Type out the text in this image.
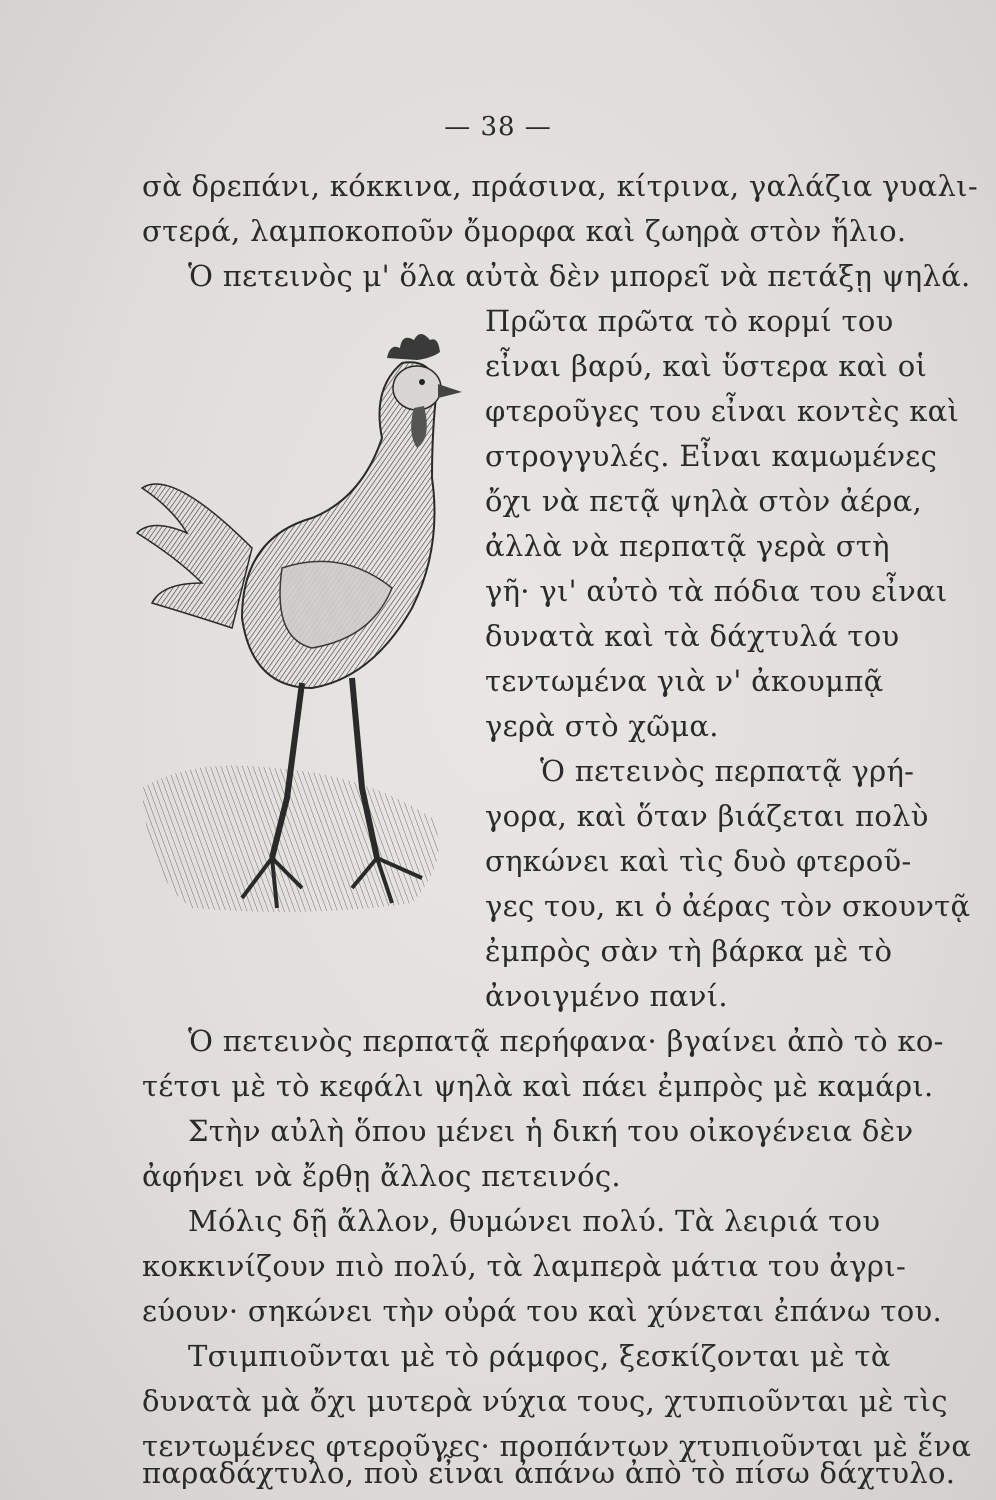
— 38 —
σὰ δρεπάνι, κόκκινα, πράσινα, κίτρινα, γαλάζια γυαλι-
στερά, λαμποκοποῦν ὄμορφα καὶ ζωηρὰ στὸν ἥλιο.
Ὁ πετεινὸς μ' ὅλα αὐτὰ δὲν μπορεῖ νὰ πετάξῃ ψηλά.
Πρῶτα πρῶτα τὸ κορμί του
εἶναι βαρύ, καὶ ὕστερα καὶ οἱ
φτεροῦγες του εἶναι κοντὲς καὶ
στρογγυλές. Εἶναι καμωμένες
ὄχι νὰ πετᾷ ψηλὰ στὸν ἀέρα,
ἀλλὰ νὰ περπατᾷ γερὰ στὴ
γῆ· γι' αὐτὸ τὰ πόδια του εἶναι
δυνατὰ καὶ τὰ δάχτυλά του
τεντωμένα γιὰ ν' ἀκουμπᾷ
γερὰ στὸ χῶμα.
Ὁ πετεινὸς περπατᾷ γρή-
γορα, καὶ ὅταν βιάζεται πολὺ
σηκώνει καὶ τὶς δυὸ φτεροῦ-
γες του, κι ὁ ἀέρας τὸν σκουντᾷ
ἐμπρὸς σὰν τὴ βάρκα μὲ τὸ
ἀνοιγμένο πανί.
Ὁ πετεινὸς περπατᾷ περήφανα· βγαίνει ἀπὸ τὸ κο-
τέτσι μὲ τὸ κεφάλι ψηλὰ καὶ πάει ἐμπρὸς μὲ καμάρι.
Στὴν αὐλὴ ὅπου μένει ἡ δική του οἰκογένεια δὲν
ἀφήνει νὰ ἔρθῃ ἄλλος πετεινός.
Μόλις δῇ ἄλλον, θυμώνει πολύ. Τὰ λειριά του
κοκκινίζουν πιὸ πολύ, τὰ λαμπερὰ μάτια του ἀγρι-
εύουν· σηκώνει τὴν οὐρά του καὶ χύνεται ἐπάνω του.
Τσιμπιοῦνται μὲ τὸ ράμφος, ξεσκίζονται μὲ τὰ
δυνατὰ μὰ ὄχι μυτερὰ νύχια τους, χτυπιοῦνται μὲ τὶς
τεντωμένες φτεροῦγες· προπάντων χτυπιοῦνται μὲ ἕνα
παραδάχτυλο, ποὺ εἶναι ἀπάνω ἀπὸ τὸ πίσω δάχτυλο.
